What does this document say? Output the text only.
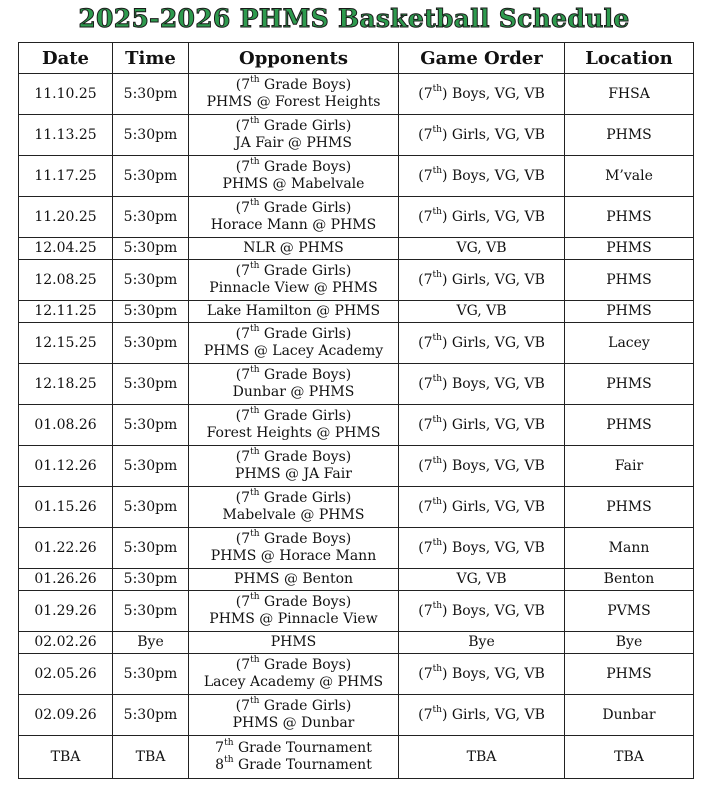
2025-2026 PHMS Basketball Schedule
Date	Time	Opponents	Game Order	Location
11.10.25	5:30pm	(7th Grade Boys)
PHMS @ Forest Heights	(7th) Boys, VG, VB	FHSA
11.13.25	5:30pm	(7th Grade Girls)
JA Fair @ PHMS	(7th) Girls, VG, VB	PHMS
11.17.25	5:30pm	(7th Grade Boys)
PHMS @ Mabelvale	(7th) Boys, VG, VB	M’vale
11.20.25	5:30pm	(7th Grade Girls)
Horace Mann @ PHMS	(7th) Girls, VG, VB	PHMS
12.04.25	5:30pm	NLR @ PHMS	VG, VB	PHMS
12.08.25	5:30pm	(7th Grade Girls)
Pinnacle View @ PHMS	(7th) Girls, VG, VB	PHMS
12.11.25	5:30pm	Lake Hamilton @ PHMS	VG, VB	PHMS
12.15.25	5:30pm	(7th Grade Girls)
PHMS @ Lacey Academy	(7th) Girls, VG, VB	Lacey
12.18.25	5:30pm	(7th Grade Boys)
Dunbar @ PHMS	(7th) Boys, VG, VB	PHMS
01.08.26	5:30pm	(7th Grade Girls)
Forest Heights @ PHMS	(7th) Girls, VG, VB	PHMS
01.12.26	5:30pm	(7th Grade Boys)
PHMS @ JA Fair	(7th) Boys, VG, VB	Fair
01.15.26	5:30pm	(7th Grade Girls)
Mabelvale @ PHMS	(7th) Girls, VG, VB	PHMS
01.22.26	5:30pm	(7th Grade Boys)
PHMS @ Horace Mann	(7th) Boys, VG, VB	Mann
01.26.26	5:30pm	PHMS @ Benton	VG, VB	Benton
01.29.26	5:30pm	(7th Grade Boys)
PHMS @ Pinnacle View	(7th) Boys, VG, VB	PVMS
02.02.26	Bye	PHMS	Bye	Bye
02.05.26	5:30pm	(7th Grade Boys)
Lacey Academy @ PHMS	(7th) Boys, VG, VB	PHMS
02.09.26	5:30pm	(7th Grade Girls)
PHMS @ Dunbar	(7th) Girls, VG, VB	Dunbar
TBA	TBA	7th Grade Tournament
8th Grade Tournament	TBA	TBA
